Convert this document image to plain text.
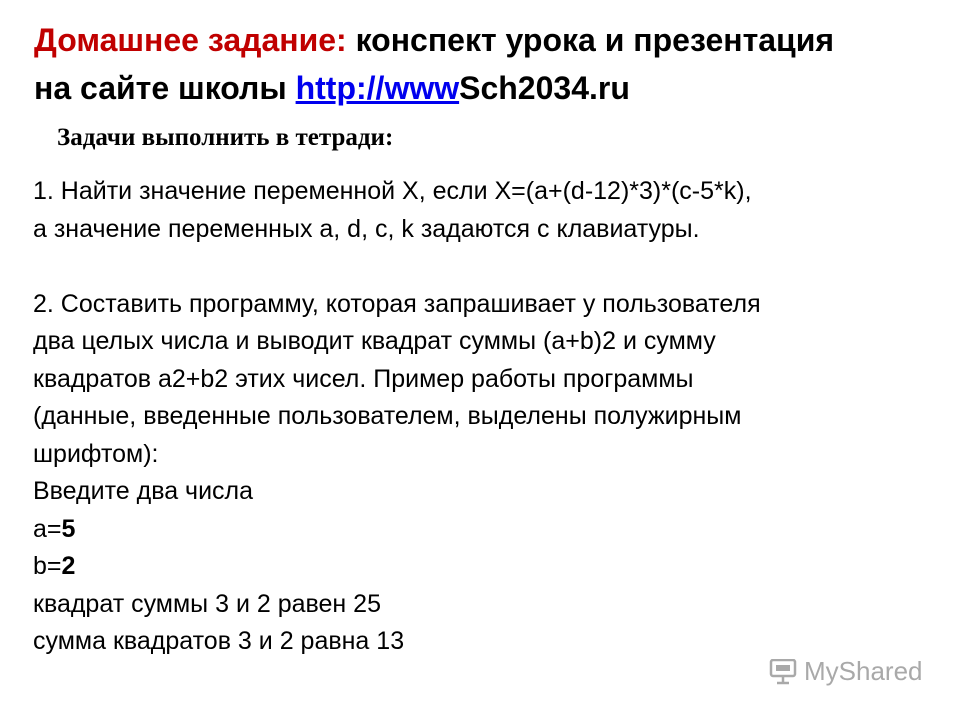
Домашнее задание: конспект урока и презентация
на сайте школы http://wwwSch2034.ru
Задачи выполнить в тетради:
1. Найти значение переменной X, если X=(a+(d-12)*3)*(c-5*k),
а значение переменных a, d, c, k задаются с клавиатуры.
2. Составить программу, которая запрашивает у пользователя
два целых числа и выводит квадрат суммы (a+b)2 и сумму
квадратов a2+b2 этих чисел. Пример работы программы
(данные, введенные пользователем, выделены полужирным
шрифтом):
Введите два числа
a=5
b=2
квадрат суммы 3 и 2 равен 25
сумма квадратов 3 и 2 равна 13
MyShared
